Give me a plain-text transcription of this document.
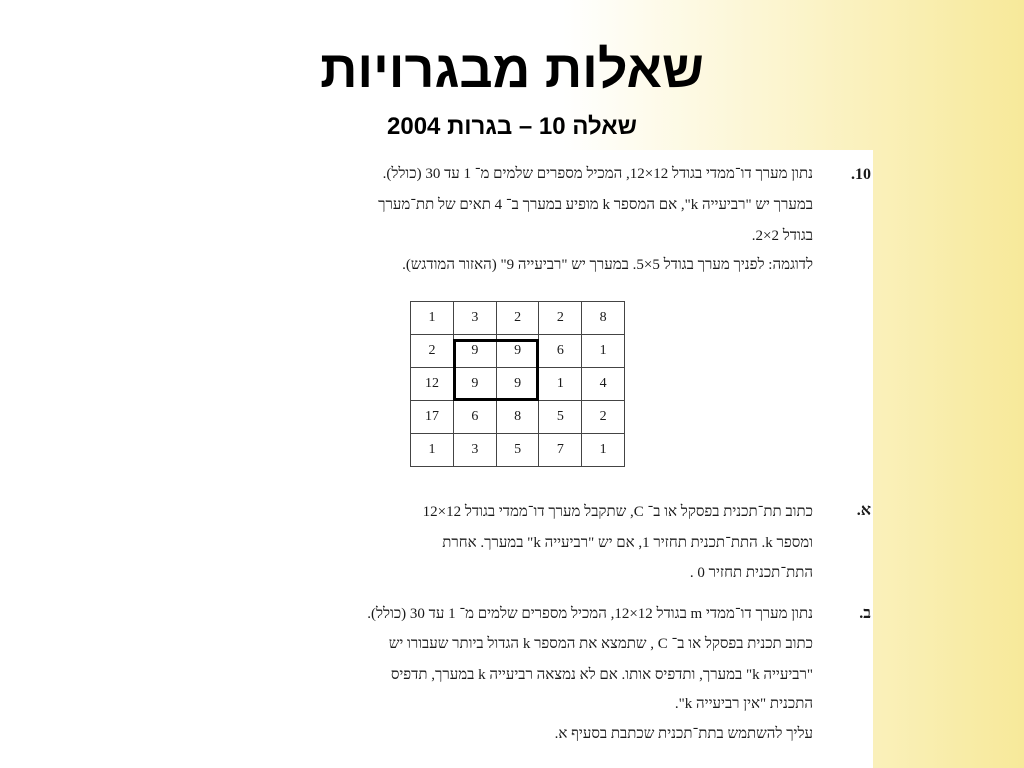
שאלות מבגרויות
שאלה 10 – בגרות 2004
10.
נתון מערך דו־ממדי בגודל 12×12, המכיל מספרים שלמים מ־ 1 עד 30 (כולל).
במערך יש "רביעייה k", אם המספר k מופיע במערך ב־ 4 תאים של תת־מערך
בגודל 2×2.
לדוגמה: לפניך מערך בגודל 5×5. במערך יש "רביעייה 9" (האזור המודגש).
1	3	2	2	8
2	9	9	6	1
12	9	9	1	4
17	6	8	5	2
1	3	5	7	1
א.
כתוב תת־תכנית בפסקל או ב־ C, שתקבל מערך דו־ממדי בגודל 12×12
ומספר k. התת־תכנית תחזיר 1, אם יש "רביעייה k" במערך. אחרת
התת־תכנית תחזיר 0 .
ב.
נתון מערך דו־ממדי m בגודל 12×12, המכיל מספרים שלמים מ־ 1 עד 30 (כולל).
כתוב תכנית בפסקל או ב־ C , שתמצא את המספר k הגדול ביותר שעבורו יש
"רביעייה k" במערך, ותדפיס אותו. אם לא נמצאה רביעייה k במערך, תדפיס
התכנית "אין רביעייה k".
עליך להשתמש בתת־תכנית שכתבת בסעיף א.
